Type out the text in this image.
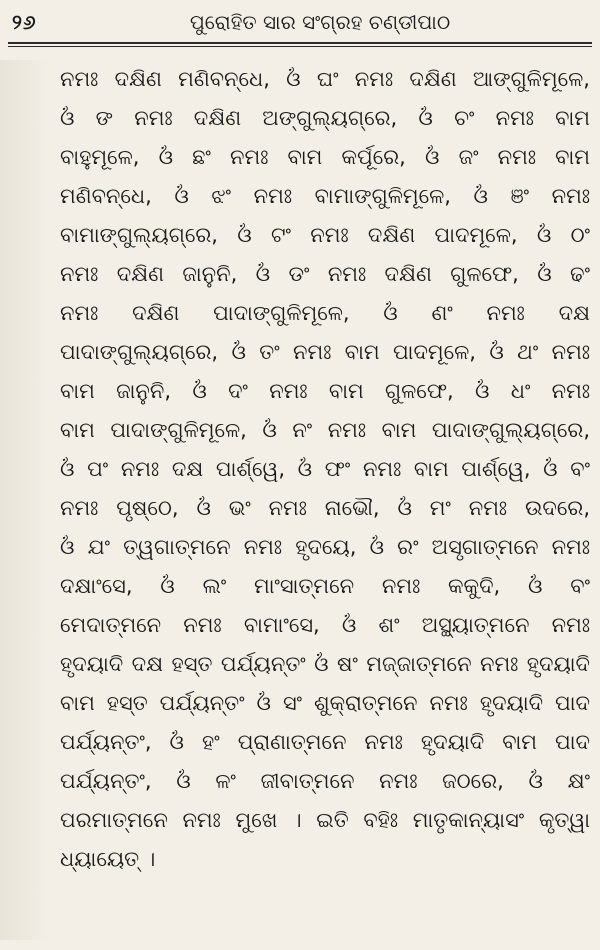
୨୬	ପୁରୋହିତ ସାର ସଂଗ୍ରହ ଚଣ୍ଡୀପାଠ
ନମଃ ଦକ୍ଷିଣ ମଣିବନ୍ଧେ, ଓଁ ଘଂ ନମଃ ଦକ୍ଷିଣ ଆଙ୍ଗୁଳିମୂଳେ,
ଓଁ ଙ ନମଃ ଦକ୍ଷିଣ ଅଙ୍ଗୁଲ୍ୟଗ୍ରେ, ଓଁ ଚଂ ନମଃ ବାମ
ବାହୁମୂଳେ, ଓଁ ଛଂ ନମଃ ବାମ କର୍ପୂରେ, ଓଁ ଜଂ ନମଃ ବାମ
ମଣିବନ୍ଧେ, ଓଁ ଝଂ ନମଃ ବାମାଙ୍ଗୁଳିମୂଳେ, ଓଁ ଞଂ ନମଃ
ବାମାଙ୍ଗୁଲ୍ୟଗ୍ରେ, ଓଁ ଟଂ ନମଃ ଦକ୍ଷିଣ ପାଦମୂଳେ, ଓଁ ଠଂ
ନମଃ ଦକ୍ଷିଣ ଜାନୁନି, ଓଁ ଡଂ ନମଃ ଦକ୍ଷିଣ ଗୁଳଫେ, ଓଁ ଢଂ
ନମଃ ଦକ୍ଷିଣ ପାଦାଙ୍ଗୁଳିମୂଳେ, ଓଁ ଣଂ ନମଃ ଦକ୍ଷ
ପାଦାଙ୍ଗୁଲ୍ୟଗ୍ରେ, ଓଁ ତଂ ନମଃ ବାମ ପାଦମୂଳେ, ଓଁ ଥଂ ନମଃ
ବାମ ଜାନୁନି, ଓଁ ଦଂ ନମଃ ବାମ ଗୁଳଫେ, ଓଁ ଧଂ ନମଃ
ବାମ ପାଦାଙ୍ଗୁଳିମୂଳେ, ଓଁ ନଂ ନମଃ ବାମ ପାଦାଙ୍ଗୁଲ୍ୟଗ୍ରେ,
ଓଁ ପଂ ନମଃ ଦକ୍ଷ ପାର୍ଶ୍ୱେ, ଓଁ ଫଂ ନମଃ ବାମ ପାର୍ଶ୍ୱେ, ଓଁ ବଂ
ନମଃ ପୃଷ୍ଠେ, ଓଁ ଭଂ ନମଃ ନାଭୌ, ଓଁ ମଂ ନମଃ ଉଦରେ,
ଓଁ ଯଂ ତ୍ୱଗାତ୍ମନେ ନମଃ ହୃଦୟେ, ଓଁ ରଂ ଅସୃଗାତ୍ମନେ ନମଃ
ଦକ୍ଷାଂସେ, ଓଁ ଲଂ ମାଂସାତ୍ମନେ ନମଃ କକୁଦି, ଓଁ ବଂ
ମେଦାତ୍ମନେ ନମଃ ବାମାଂସେ, ଓଁ ଶଂ ଅସ୍ଥ୍ୟାତ୍ମନେ ନମଃ
ହୃଦୟାଦି ଦକ୍ଷ ହସ୍ତ ପର୍ଯ୍ୟନ୍ତଂ ଓଁ ଷଂ ମଜ୍ଜାତ୍ମନେ ନମଃ ହୃଦୟାଦି
ବାମ ହସ୍ତ ପର୍ଯ୍ୟନ୍ତଂ ଓଁ ସଂ ଶୁକ୍ରାତ୍ମନେ ନମଃ ହୃଦୟାଦି ପାଦ
ପର୍ଯ୍ୟନ୍ତଂ, ଓଁ ହଂ ପ୍ରାଣାତ୍ମନେ ନମଃ ହୃଦୟାଦି ବାମ ପାଦ
ପର୍ଯ୍ୟନ୍ତଂ, ଓଁ ଳଂ ଜୀବାତ୍ମନେ ନମଃ ଜଠରେ, ଓଁ କ୍ଷଂ
ପରମାତ୍ମନେ ନମଃ ମୁଖେ । ଇତି ବହିଃ ମାତୃକାନ୍ୟାସଂ କୃତ୍ୱା
ଧ୍ୟାୟେତ୍ ।
